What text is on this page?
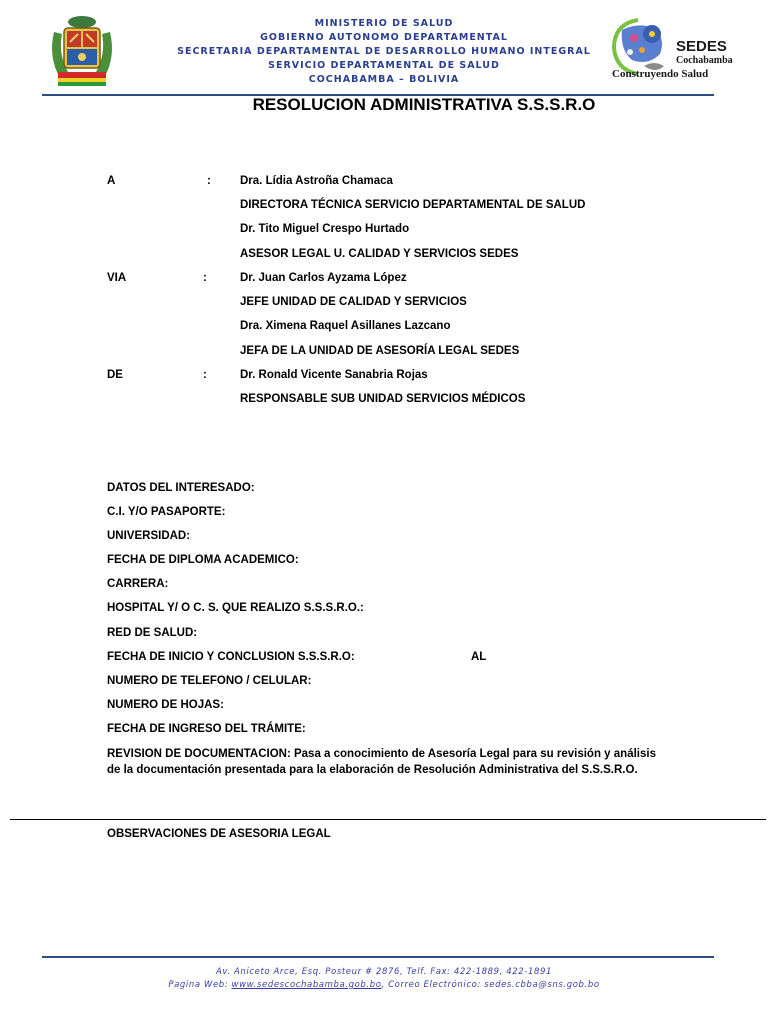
MINISTERIO DE SALUD
GOBIERNO AUTONOMO DEPARTAMENTAL
SECRETARIA DEPARTAMENTAL DE DESARROLLO HUMANO INTEGRAL
SERVICIO DEPARTAMENTAL DE SALUD
COCHABAMBA – BOLIVIA
SEDES
Cochabamba
Construyendo Salud
RESOLUCION ADMINISTRATIVA S.S.S.R.O
A	:	Dra. Lídia Astroña Chamaca
DIRECTORA TÉCNICA SERVICIO DEPARTAMENTAL DE SALUD
Dr. Tito Miguel Crespo Hurtado
ASESOR LEGAL U. CALIDAD Y SERVICIOS SEDES
VIA	:	Dr. Juan Carlos Ayzama López
JEFE UNIDAD DE CALIDAD Y SERVICIOS
Dra. Ximena Raquel Asillanes Lazcano
JEFA DE LA UNIDAD DE ASESORÍA LEGAL SEDES
DE	:	Dr. Ronald Vicente Sanabria Rojas
RESPONSABLE SUB UNIDAD SERVICIOS MÉDICOS
DATOS DEL INTERESADO:
C.I. Y/O PASAPORTE:
UNIVERSIDAD:
FECHA DE DIPLOMA ACADEMICO:
CARRERA:
HOSPITAL Y/ O C. S. QUE REALIZO S.S.S.R.O.:
RED DE SALUD:
FECHA DE INICIO Y CONCLUSION S.S.S.R.O:	AL
NUMERO DE TELEFONO / CELULAR:
NUMERO DE HOJAS:
FECHA DE INGRESO DEL TRÁMITE:
REVISION DE DOCUMENTACION: Pasa a conocimiento de Asesoría Legal para su revisión y análisis de la documentación presentada para la elaboración de Resolución Administrativa del S.S.S.R.O.
OBSERVACIONES DE ASESORIA LEGAL
Av. Aniceto Arce, Esq. Posteur # 2876, Telf. Fax: 422-1889, 422-1891
Pagina Web: www.sedescochabamba.gob.bo, Correo Electrónico: sedes.cbba@sns.gob.bo
